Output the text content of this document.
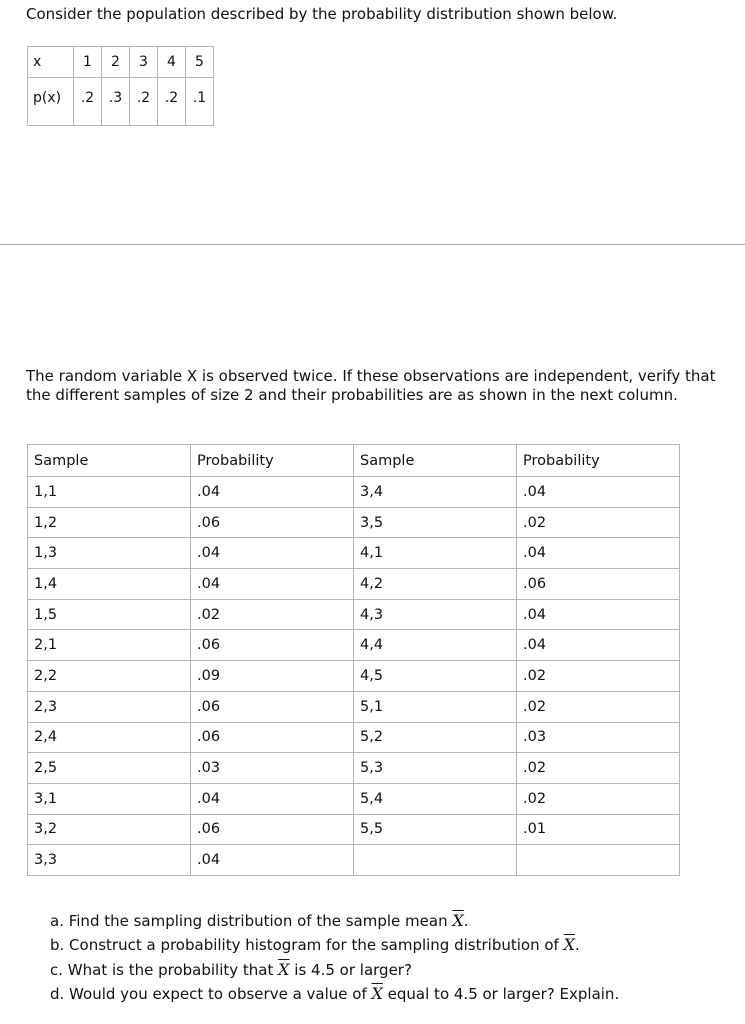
Consider the population described by the probability distribution shown below.
x	1	2	3	4	5
p(x)	.2	.3	.2	.2	.1
The random variable X is observed twice. If these observations are independent, verify that the different samples of size 2 and their probabilities are as shown in the next column.
Sample	Probability	Sample	Probability
1,1	.04	3,4	.04
1,2	.06	3,5	.02
1,3	.04	4,1	.04
1,4	.04	4,2	.06
1,5	.02	4,3	.04
2,1	.06	4,4	.04
2,2	.09	4,5	.02
2,3	.06	5,1	.02
2,4	.06	5,2	.03
2,5	.03	5,3	.02
3,1	.04	5,4	.02
3,2	.06	5,5	.01
3,3	.04		
a. Find the sampling distribution of the sample mean $\overline{X}$.
b. Construct a probability histogram for the sampling distribution of $\overline{X}$.
c. What is the probability that $\overline{X}$ is 4.5 or larger?
d. Would you expect to observe a value of $\overline{X}$ equal to 4.5 or larger? Explain.
